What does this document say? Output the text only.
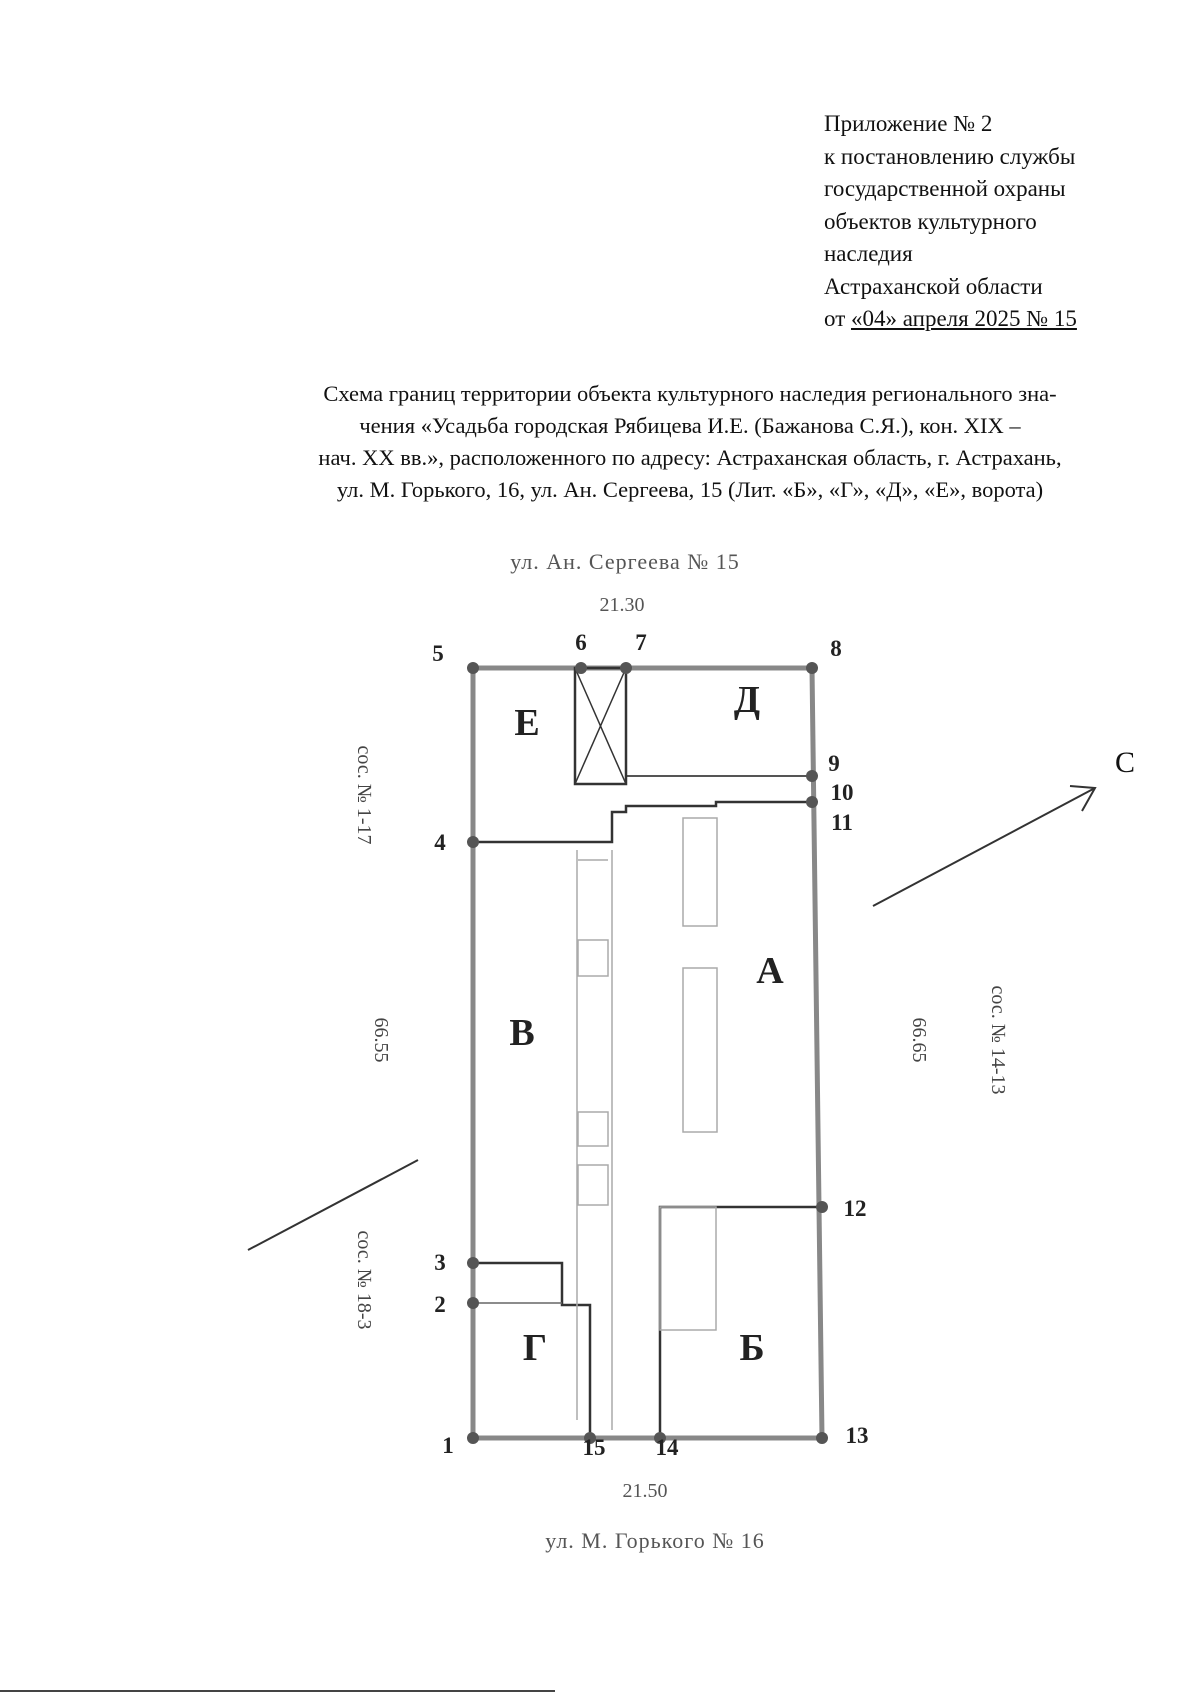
Приложение № 2
к постановлению службы
государственной охраны
объектов культурного
наследия
Астраханской области
от «04» апреля 2025 № 15
Схема границ территории объекта культурного наследия регионального зна-
чения «Усадьба городская Рябицева И.Е. (Бажанова С.Я.), кон. XIX –
нач. XX вв.», расположенного по адресу: Астраханская область, г. Астрахань,
ул. М. Горького, 16, ул. Ан. Сергеева, 15 (Лит. «Б», «Г», «Д», «Е», ворота)
ул. Ан. Сергеева № 15
ул. М. Горького № 16
21.30
21.50
66.55	66.65
сос. № 1-17
сос. № 18-3
сос. № 14-13
С
1
2
3
4
5	6 7	8
9
10
11
12
13
14
15
Е
Д
А
В
Г	Б
